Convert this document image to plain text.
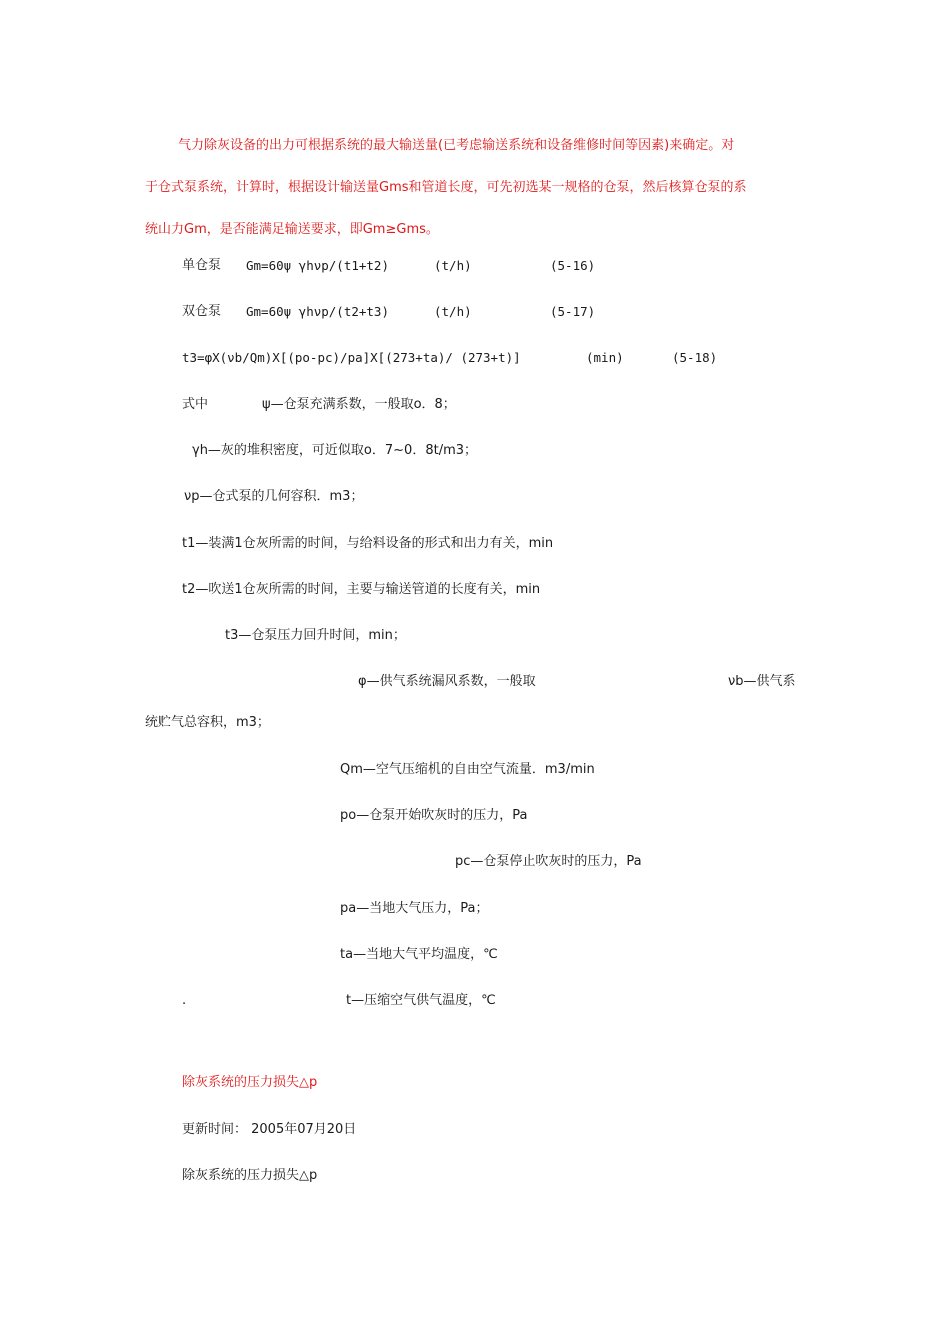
气力除灰设备的出力可根据系统的最大输送量(已考虑输送系统和设备维修时间等因素)来确定。对
于仓式泵系统，计算时，根据设计输送量Gms和管道长度，可先初选某一规格的仓泵，然后核算仓泵的系
统山力Gm，是否能满足输送要求，即Gm≥Gms。
单仓泵 Gm=60ψ γhνp/(t1+t2)	(t/h)	(5-16)
双仓泵 Gm=60ψ γhνp/(t2+t3)	(t/h)	(5-17)
t3=φX(νb/Qm)X[(po-pc)/pa]X[(273+ta)/ (273+t)]	(min)	(5-18)
式中	ψ—仓泵充满系数，一般取o．8；
γh—灰的堆积密度，可近似取o．7~0．8t/m3；
νp—仓式泵的几何容积．m3；
t1—装满1仓灰所需的时间，与给料设备的形式和出力有关，min
t2—吹送1仓灰所需的时间，主要与输送管道的长度有关，min
t3—仓泵压力回升时间，min；
φ—供气系统漏风系数，一般取	νb—供气系
统贮气总容积，m3；
Qm—空气压缩机的自由空气流量．m3/min
po—仓泵开始吹灰时的压力，Pa
pc—仓泵停止吹灰时的压力，Pa
pa—当地大气压力，Pa；
ta—当地大气平均温度，℃
.	t—压缩空气供气温度，℃
除灰系统的压力损失△p
更新时间： 2005年07月20日
除灰系统的压力损失△p
